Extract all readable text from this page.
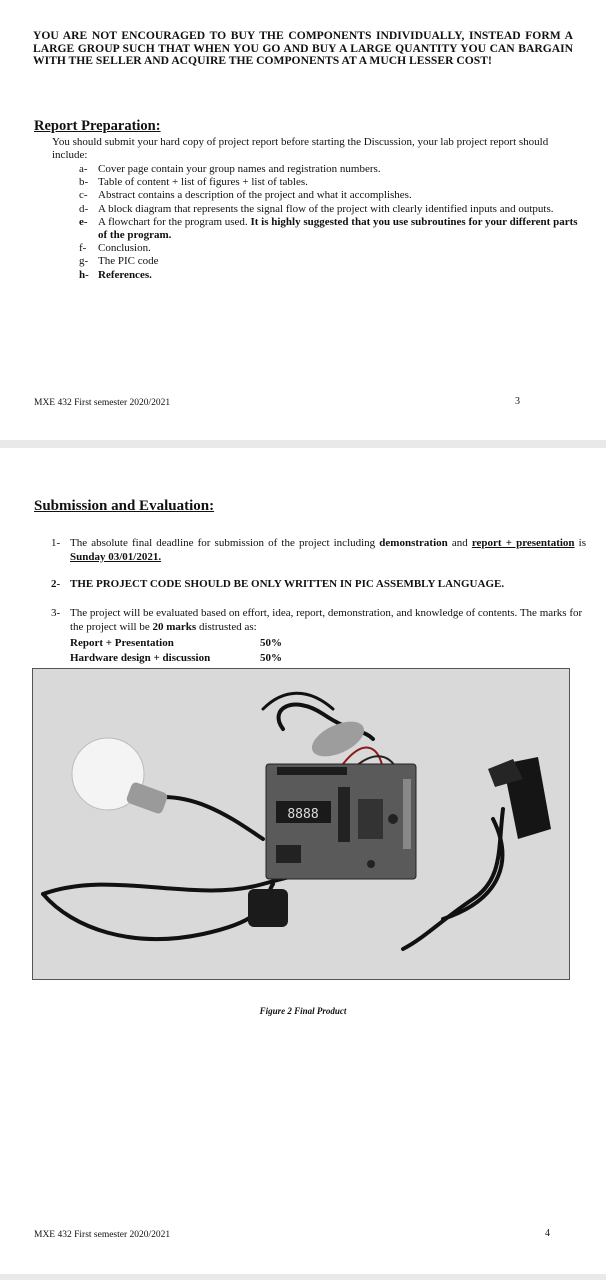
YOU ARE NOT ENCOURAGED TO BUY THE COMPONENTS INDIVIDUALLY, INSTEAD FORM A LARGE GROUP SUCH THAT WHEN YOU GO AND BUY A LARGE QUANTITY YOU CAN BARGAIN WITH THE SELLER AND ACQUIRE THE COMPONENTS AT A MUCH LESSER COST!
Report Preparation:
You should submit your hard copy of project report before starting the Discussion, your lab project report should include:
a- Cover page contain your group names and registration numbers.
b- Table of content + list of figures + list of tables.
c- Abstract contains a description of the project and what it accomplishes.
d- A block diagram that represents the signal flow of the project with clearly identified inputs and outputs.
e- A flowchart for the program used. It is highly suggested that you use subroutines for your different parts of the program.
f- Conclusion.
g- The PIC code
h- References.
MXE 432 First semester 2020/2021	3
Submission and Evaluation:
1- The absolute final deadline for submission of the project including demonstration and report + presentation is Sunday 03/01/2021.
2- THE PROJECT CODE SHOULD BE ONLY WRITTEN IN PIC ASSEMBLY LANGUAGE.
3- The project will be evaluated based on effort, idea, report, demonstration, and knowledge of contents. The marks for the project will be 20 marks distrusted as:
Report + Presentation	50%
Hardware design + discussion	50%
8888
Figure 2 Final Product
MXE 432 First semester 2020/2021	4
